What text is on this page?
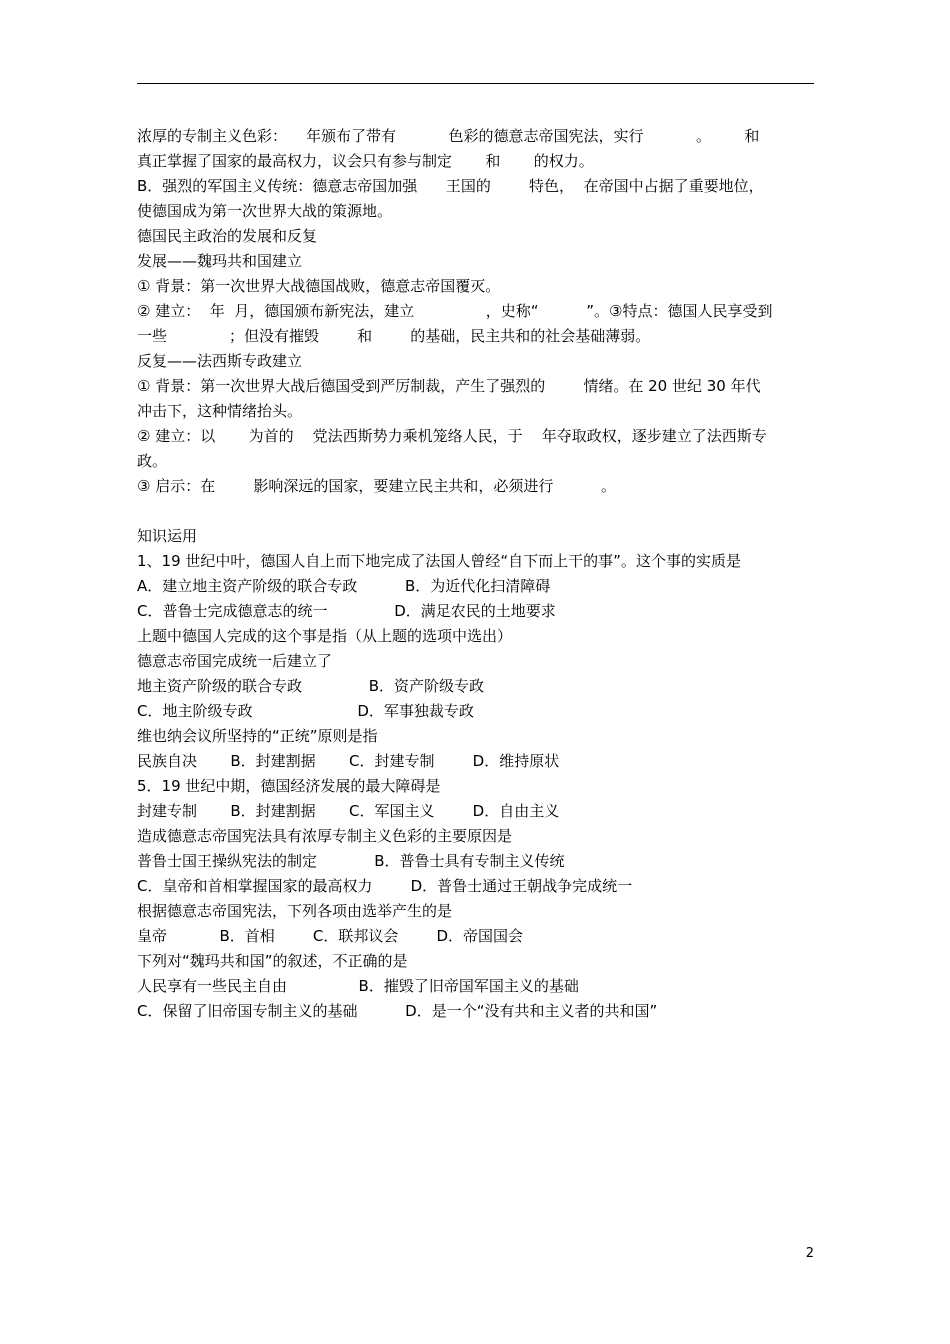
浓厚的专制主义色彩：    年颁布了带有           色彩的德意志帝国宪法，实行           。       和
真正掌握了国家的最高权力，议会只有参与制定       和       的权力。
B．强烈的军国主义传统：德意志帝国加强      王国的        特色，  在帝国中占据了重要地位，
使德国成为第一次世界大战的策源地。
德国民主政治的发展和反复
发展——魏玛共和国建立
① 背景：第一次世界大战德国战败，德意志帝国覆灭。
② 建立：  年  月，德国颁布新宪法，建立               ，史称“          ”。③特点：德国人民享受到
一些             ；但没有摧毁        和        的基础，民主共和的社会基础薄弱。
反复——法西斯专政建立
① 背景：第一次世界大战后德国受到严厉制裁，产生了强烈的        情绪。在 20 世纪 30 年代
冲击下，这种情绪抬头。
② 建立：以       为首的    党法西斯势力乘机笼络人民，于    年夺取政权，逐步建立了法西斯专
政。
③ 启示：在        影响深远的国家，要建立民主共和，必须进行          。
知识运用
1、19 世纪中叶，德国人自上而下地完成了法国人曾经“自下而上干的事”。这个事的实质是
A．建立地主资产阶级的联合专政          B．为近代化扫清障碍
C．普鲁士完成德意志的统一              D．满足农民的土地要求
上题中德国人完成的这个事是指（从上题的选项中选出）
德意志帝国完成统一后建立了
地主资产阶级的联合专政              B．资产阶级专政
C．地主阶级专政                      D．军事独裁专政
维也纳会议所坚持的“正统”原则是指
民族自决       B．封建割据       C．封建专制        D．维持原状
5．19 世纪中期，德国经济发展的最大障碍是
封建专制       B．封建割据       C．军国主义        D．自由主义
造成德意志帝国宪法具有浓厚专制主义色彩的主要原因是
普鲁士国王操纵宪法的制定            B．普鲁士具有专制主义传统
C．皇帝和首相掌握国家的最高权力        D．普鲁士通过王朝战争完成统一
根据德意志帝国宪法，下列各项由选举产生的是
皇帝           B．首相        C．联邦议会        D．帝国国会
下列对“魏玛共和国”的叙述，不正确的是
人民享有一些民主自由               B．摧毁了旧帝国军国主义的基础
C．保留了旧帝国专制主义的基础          D．是一个“没有共和主义者的共和国”
2
